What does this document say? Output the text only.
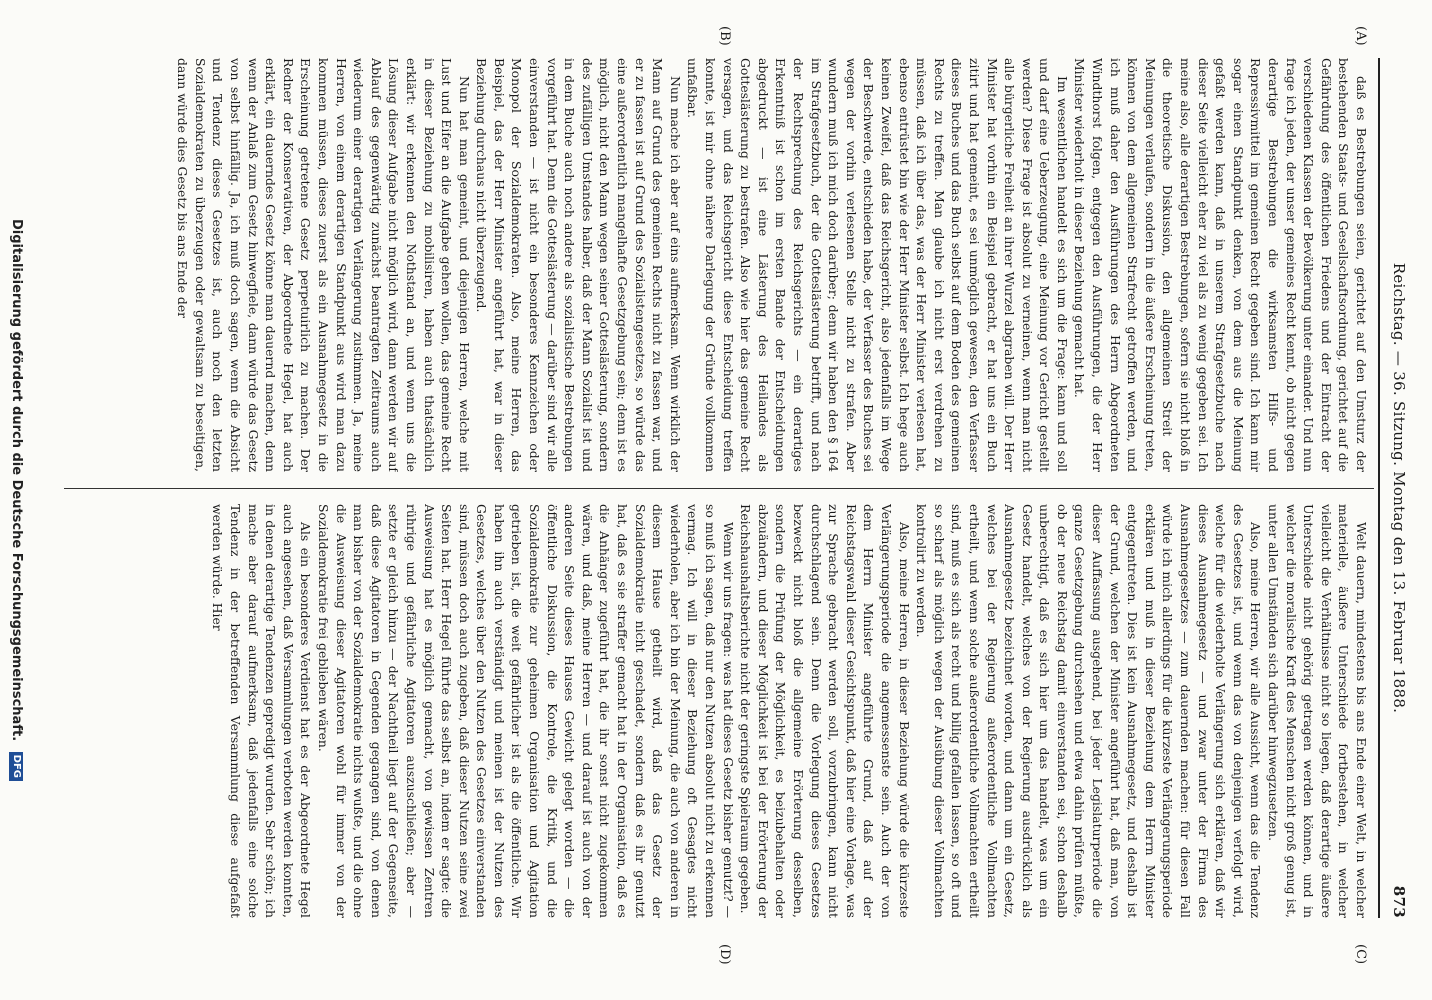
Reichstag. — 36. Sitzung. Montag den 13. Februar 1888.
873
(A)
(B)
(C)
(D)

daß es Bestrebungen seien, gerichtet auf den Umsturz der bestehenden Staats- und Gesellschaftsordnung, gerichtet auf die Gefährdung des öffentlichen Friedens und der Eintracht der verschiedenen Klassen der Bevölkerung unter einander. Und nun frage ich jeden, der unser gemeines Recht kennt, ob nicht gegen derartige Bestrebungen die wirksamsten Hilfs- und Repressivmittel im gemeinen Recht gegeben sind. Ich kann mir sogar einen Standpunkt denken, von dem aus die Meinung gefaßt werden kann, daß in unserem Strafgesetzbuche nach dieser Seite vielleicht eher zu viel als zu wenig gegeben sei. Ich meine also, alle derartigen Bestrebungen, sofern sie nicht bloß in die theoretische Diskussion, den allgemeinen Streit der Meinungen verlaufen, sondern in die äußere Erscheinung treten, können von dem allgemeinen Strafrecht getroffen werden, und ich muß daher den Ausführungen des Herrn Abgeordneten Windthorst folgen, entgegen den Ausführungen, die der Herr Minister wiederholt in dieser Beziehung gemacht hat.

Im wesentlichen handelt es sich um die Frage: kann und soll und darf eine Ueberzeugung, eine Meinung vor Gericht gestellt werden? Diese Frage ist absolut zu verneinen, wenn man nicht alle bürgerliche Freiheit an ihrer Wurzel abgraben will. Der Herr Minister hat vorhin ein Beispiel gebracht, er hat uns ein Buch zitirt und hat gemeint, es sei unmöglich gewesen, den Verfasser dieses Buches und das Buch selbst auf dem Boden des gemeinen Rechts zu treffen. Man glaube ich nicht erst verdrehen zu müssen, daß ich über das, was der Herr Minister verlesen hat, ebenso entrüstet bin wie der Herr Minister selbst. Ich hege auch keinen Zweifel, daß das Reichsgericht, also jedenfalls im Wege der Beschwerde, entschieden habe, der Verfasser des Buches sei wegen der vorhin verlesenen Stelle nicht zu strafen. Aber wundern muß ich mich doch darüber; denn wir haben den § 164 im Strafgesetzbuch, der die Gotteslästerung betrifft, und nach der Rechtsprechung des Reichsgerichts — ein derartiges Erkenntniß ist schon im ersten Bande der Entscheidungen abgedruckt — ist eine Lästerung des Heilandes als Gotteslästerung zu bestrafen. Also wie hier das gemeine Recht versagen, und das Reichsgericht diese Entscheidung treffen konnte, ist mir ohne nähere Darlegung der Gründe vollkommen unfaßbar.

Nun mache ich aber auf eins aufmerksam. Wenn wirklich der Mann auf Grund des gemeinen Rechts nicht zu fassen war, und er zu fassen ist auf Grund des Sozialistengesetzes, so würde das eine außerordentlich mangelhafte Gesetzgebung sein; denn ist es möglich, nicht den Mann wegen seiner Gotteslästerung, sondern des zufälligen Umstandes halber, daß der Mann Sozialist ist und in dem Buche auch noch andere als sozialistische Bestrebungen vorgeführt hat. Denn die Gotteslästerung — darüber sind wir alle einverstanden — ist nicht ein besonderes Kennzeichen oder Monopol der Sozialdemokraten. Also, meine Herren, das Beispiel, das der Herr Minister angeführt hat, war in dieser Beziehung durchaus nicht überzeugend.

Nun hat man gemeint, und diejenigen Herren, welche mit Lust und Eifer an die Aufgabe gehen wollen, das gemeine Recht in dieser Beziehung zu mobilisiren, haben auch thatsächlich erklärt: wir erkennen den Nothstand an, und wenn uns die Lösung dieser Aufgabe nicht möglich wird, dann werden wir auf Ablauf des gegenwärtig zunächst beantragten Zeitraums auch wiederum einer derartigen Verlängerung zustimmen. Ja, meine Herren, von einem derartigen Standpunkt aus wird man dazu kommen müssen, dieses zuerst als ein Ausnahmegesetz in die Erscheinung getretene Gesetz perpetuirlich zu machen. Der Redner der Konservativen, der Abgeordnete Hegel, hat auch erklärt, ein dauerndes Gesetz könne man dauernd machen, denn wenn der Anlaß zum Gesetz hinwegfiele, dann würde das Gesetz von selbst hinfällig. Ja, ich muß doch sagen, wenn die Absicht und Tendenz dieses Gesetzes ist, auch noch den letzten Sozialdemokraten zu überzeugen oder gewaltsam zu beseitigen, dann würde dies Gesetz bis ans Ende der

Welt dauern, mindestens bis ans Ende einer Welt, in welcher materielle, äußere Unterschiede fortbestehen, in welcher vielleicht die Verhältnisse nicht so liegen, daß derartige äußere Unterschiede nicht gehörig getragen werden können, und in welcher die moralische Kraft des Menschen nicht groß genug ist, unter allen Umständen sich darüber hinwegzusetzen.

Also, meine Herren, wir alle Aussicht, wenn das die Tendenz des Gesetzes ist, und wenn das von denjenigen verfolgt wird, welche für die wiederholte Verlängerung sich erklären, daß wir dieses Ausnahmegesetz — und zwar unter der Firma des Ausnahmegesetzes — zum dauernden machen: für diesen Fall würde ich mich allerdings für die kürzeste Verlängerungsperiode erklären und muß in dieser Beziehung dem Herrn Minister entgegentreten. Dies ist kein Ausnahmegesetz, und deshalb ist der Grund, welchen der Minister angeführt hat, daß man, von dieser Auffassung ausgehend, bei jeder Legislaturperiode die ganze Gesetzgebung durchsehen und etwa dahin prüfen müßte, ob der neue Reichstag damit einverstanden sei, schon deshalb unberechtigt, daß es sich hier um das handelt, was um ein Gesetz handelt, welches von der Regierung ausdrücklich als Ausnahmegesetz bezeichnet worden, und dann um ein Gesetz, welches bei der Regierung außerordentliche Vollmachten ertheilt, und wenn solche außerordentliche Vollmachten ertheilt sind, muß es sich als recht und billig gefallen lassen, so oft und so scharf als möglich wegen der Ausübung dieser Vollmachten kontrolirt zu werden.

Also, meine Herren, in dieser Beziehung würde die kürzeste Verlängerungsperiode die angemessenste sein. Auch der von dem Herrn Minister angeführte Grund, daß auf der Reichstagswahl dieser Gesichtspunkt, daß hier eine Vorlage, was zur Sprache gebracht werden soll, vorzubringen, kann nicht durchschlagend sein. Denn die Vorlegung dieses Gesetzes bezweckt nicht bloß die allgemeine Erörterung desselben, sondern die Prüfung der Möglichkeit, es beizubehalten oder abzuändern, und dieser Möglichkeit ist bei der Erörterung der Reichshaushaltsberichte nicht der geringste Spielraum gegeben.

Wenn wir uns fragen: was hat dieses Gesetz bisher genutzt? — so muß ich sagen, daß nur den Nutzen absolut nicht zu erkennen vermag. Ich will in dieser Beziehung oft Gesagtes nicht wiederholen, aber ich bin der Meinung, die auch von anderen in diesem Hause getheilt wird, daß das Gesetz der Sozialdemokratie nicht geschadet, sondern daß es ihr genutzt hat, daß es sie straffer gemacht hat in der Organisation, daß es die Anhänger zugeführt hat, die ihr sonst nicht zugekommen wären, und daß, meine Herren — und darauf ist auch von der anderen Seite dieses Hauses Gewicht gelegt worden — die öffentliche Diskussion, die Kontrole, die Kritik, und die Sozialdemokratie zur geheimen Organisation und Agitation getrieben ist, die weit gefährlicher ist als die öffentliche. Wir haben ihn auch verständigt und meinen ist der Nutzen des Gesetzes, welches über den Nutzen des Gesetzes einverstanden sind, müssen doch auch zugeben, daß dieser Nutzen seine zwei Seiten hat. Herr Hegel führte das selbst an, indem er sagte: die Ausweisung hat es möglich gemacht, von gewissen Zentren rührige und gefährliche Agitatoren auszuschließen; aber — setzte er gleich hinzu — der Nachtheil liegt auf der Gegenseite, daß diese Agitatoren in Gegenden gegangen sind, von denen man bisher von der Sozialdemokratie nichts wußte, und die ohne die Ausweisung dieser Agitatoren wohl für immer von der Sozialdemokratie frei geblieben wären.

Als ein besonderes Verdienst hat es der Abgeordnete Hegel auch angesehen, daß Versammlungen verboten werden konnten, in denen derartige Tendenzen gepredigt wurden. Sehr schön; ich mache aber darauf aufmerksam, daß jedenfalls eine solche Tendenz in der betreffenden Versammlung diese aufgefaßt werden würde. Hier

Digitalisierung gefördert durch die Deutsche Forschungsgemeinschaft. DFG
